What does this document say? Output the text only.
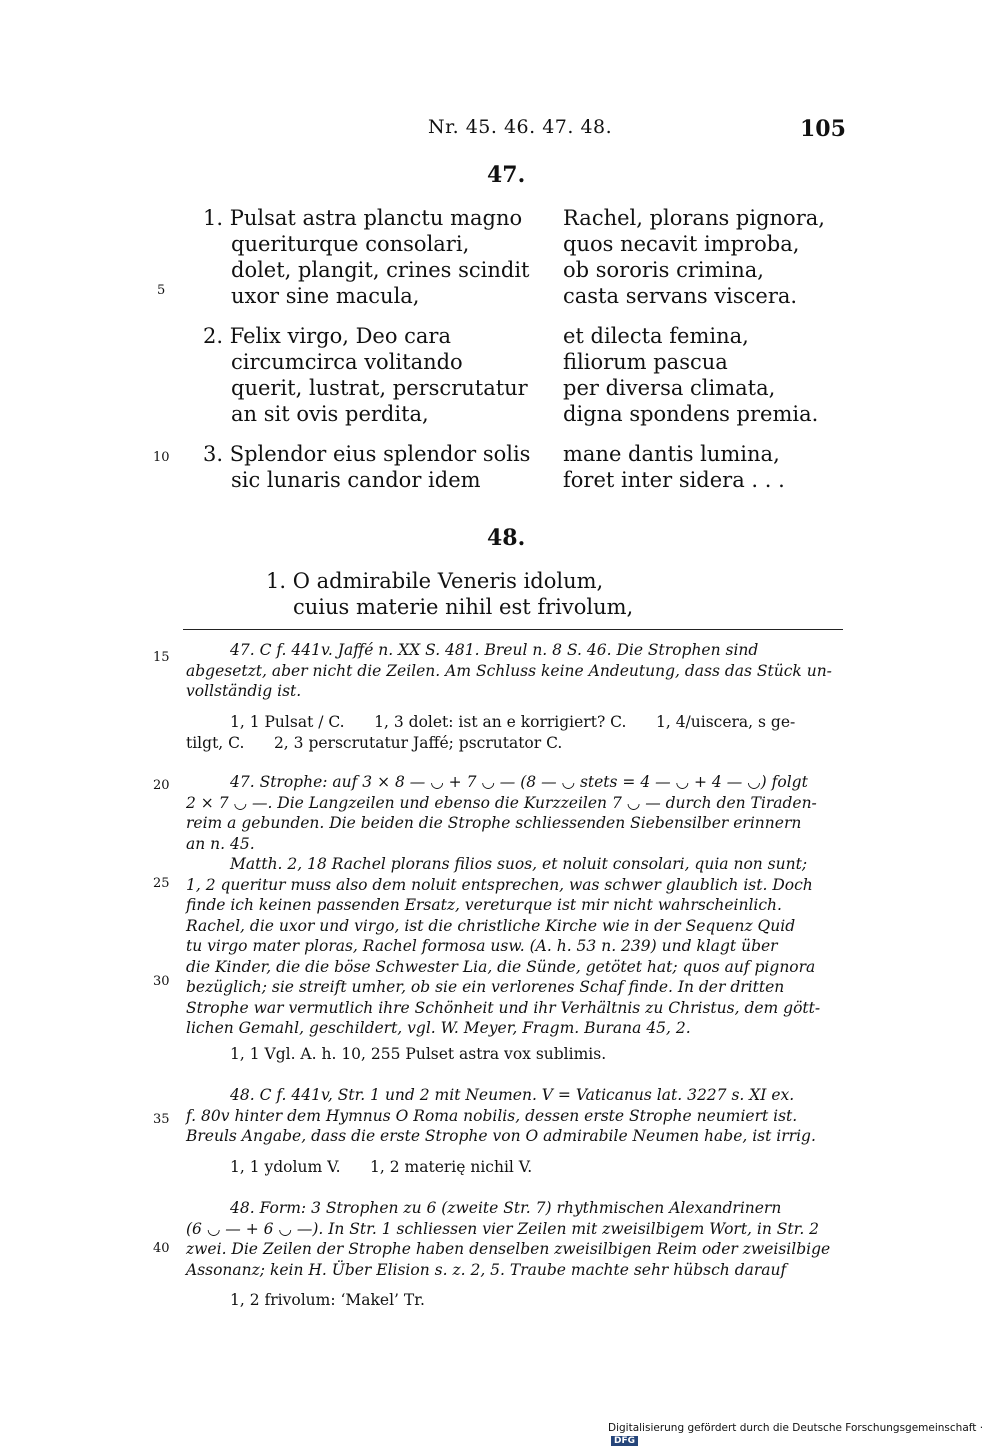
Nr. 45. 46. 47. 48.	105
47.
1. Pulsat astra planctu magno
queriturque consolari,
dolet, plangit, crines scindit
uxor sine macula,
Rachel, plorans pignora,
quos necavit improba,
ob sororis crimina,
casta servans viscera.
2. Felix virgo, Deo cara
circumcirca volitando
querit, lustrat, perscrutatur
an sit ovis perdita,
et dilecta femina,
filiorum pascua
per diversa climata,
digna spondens premia.
3. Splendor eius splendor solis
sic lunaris candor idem
mane dantis lumina,
foret inter sidera . . .
48.
1. O admirabile Veneris idolum,
cuius materie nihil est frivolum,
5
10
15
20
25
30
35
40

47. C f. 441v. Jaffé n. XX S. 481. Breul n. 8 S. 46. Die Strophen sind

abgesetzt, aber nicht die Zeilen. Am Schluss keine Andeutung, dass das Stück un-

vollständig ist.

1, 1 Pulsat / C.      1, 3 dolet: ist an e korrigiert? C.      1, 4/uiscera, s ge-

tilgt, C.      2, 3 perscrutatur Jaffé; pscrutator C.

47. Strophe: auf 3 × 8 — ◡ + 7 ◡ — (8 — ◡ stets = 4 — ◡ + 4 — ◡) folgt

2 × 7 ◡ —. Die Langzeilen und ebenso die Kurzzeilen 7 ◡ — durch den Tiraden-

reim a gebunden. Die beiden die Strophe schliessenden Siebensilber erinnern

an n. 45.

Matth. 2, 18 Rachel plorans filios suos, et noluit consolari, quia non sunt;

1, 2 queritur muss also dem noluit entsprechen, was schwer glaublich ist. Doch

finde ich keinen passenden Ersatz, vereturque ist mir nicht wahrscheinlich.

Rachel, die uxor und virgo, ist die christliche Kirche wie in der Sequenz Quid

tu virgo mater ploras, Rachel formosa usw. (A. h. 53 n. 239) und klagt über

die Kinder, die die böse Schwester Lia, die Sünde, getötet hat; quos auf pignora

bezüglich; sie streift umher, ob sie ein verlorenes Schaf finde. In der dritten

Strophe war vermutlich ihre Schönheit und ihr Verhältnis zu Christus, dem gött-

lichen Gemahl, geschildert, vgl. W. Meyer, Fragm. Burana 45, 2.

1, 1 Vgl. A. h. 10, 255 Pulset astra vox sublimis.

48. C f. 441v, Str. 1 und 2 mit Neumen. V = Vaticanus lat. 3227 s. XI ex.

f. 80v hinter dem Hymnus O Roma nobilis, dessen erste Strophe neumiert ist.

Breuls Angabe, dass die erste Strophe von O admirabile Neumen habe, ist irrig.

1, 1 ydolum V.      1, 2 materię nichil V.

48. Form: 3 Strophen zu 6 (zweite Str. 7) rhythmischen Alexandrinern

(6 ◡ — + 6 ◡ —). In Str. 1 schliessen vier Zeilen mit zweisilbigem Wort, in Str. 2

zwei. Die Zeilen der Strophe haben denselben zweisilbigen Reim oder zweisilbige

Assonanz; kein H. Über Elision s. z. 2, 5. Traube machte sehr hübsch darauf

1, 2 frivolum: ‘Makel’ Tr.

Digitalisierung gefördert durch die Deutsche Forschungsgemeinschaft ·DFG
